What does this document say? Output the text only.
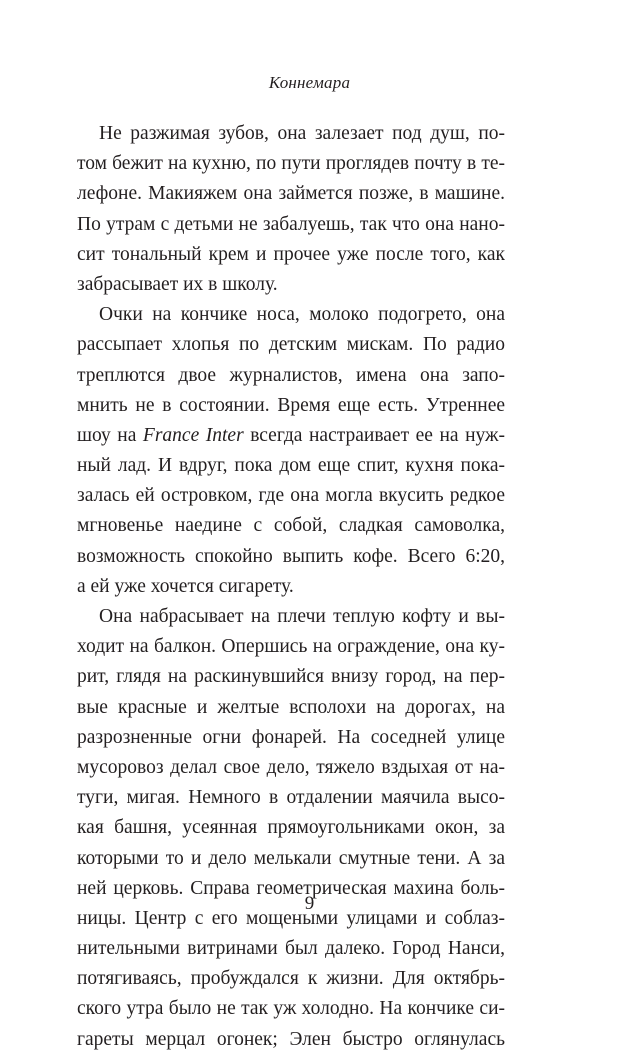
Коннемара
Не разжимая зубов, она залезает под душ, по-
том бежит на кухню, по пути проглядев почту в те-
лефоне. Макияжем она займется позже, в машине.
По утрам с детьми не забалуешь, так что она нано-
сит тональный крем и прочее уже после того, как
забрасывает их в школу.
Очки на кончике носа, молоко подогрето, она
рассыпает хлопья по детским мискам. По радио
треплются двое журналистов, имена она запо-
мнить не в состоянии. Время еще есть. Утреннее
шоу на France Inter всегда настраивает ее на нуж-
ный лад. И вдруг, пока дом еще спит, кухня пока-
залась ей островком, где она могла вкусить редкое
мгновенье наедине с собой, сладкая самоволка,
возможность спокойно выпить кофе. Всего 6:20,
а ей уже хочется сигарету.
Она набрасывает на плечи теплую кофту и вы-
ходит на балкон. Опершись на ограждение, она ку-
рит, глядя на раскинувшийся внизу город, на пер-
вые красные и желтые всполохи на дорогах, на
разрозненные огни фонарей. На соседней улице
мусоровоз делал свое дело, тяжело вздыхая от на-
туги, мигая. Немного в отдалении маячила высо-
кая башня, усеянная прямоугольниками окон, за
которыми то и дело мелькали смутные тени. А за
ней церковь. Справа геометрическая махина боль-
ницы. Центр с его мощеными улицами и соблаз-
нительными витринами был далеко. Город Нанси,
потягиваясь, пробуждался к жизни. Для октябрь-
ского утра было не так уж холодно. На кончике си-
гареты мерцал огонек; Элен быстро оглянулась
9
